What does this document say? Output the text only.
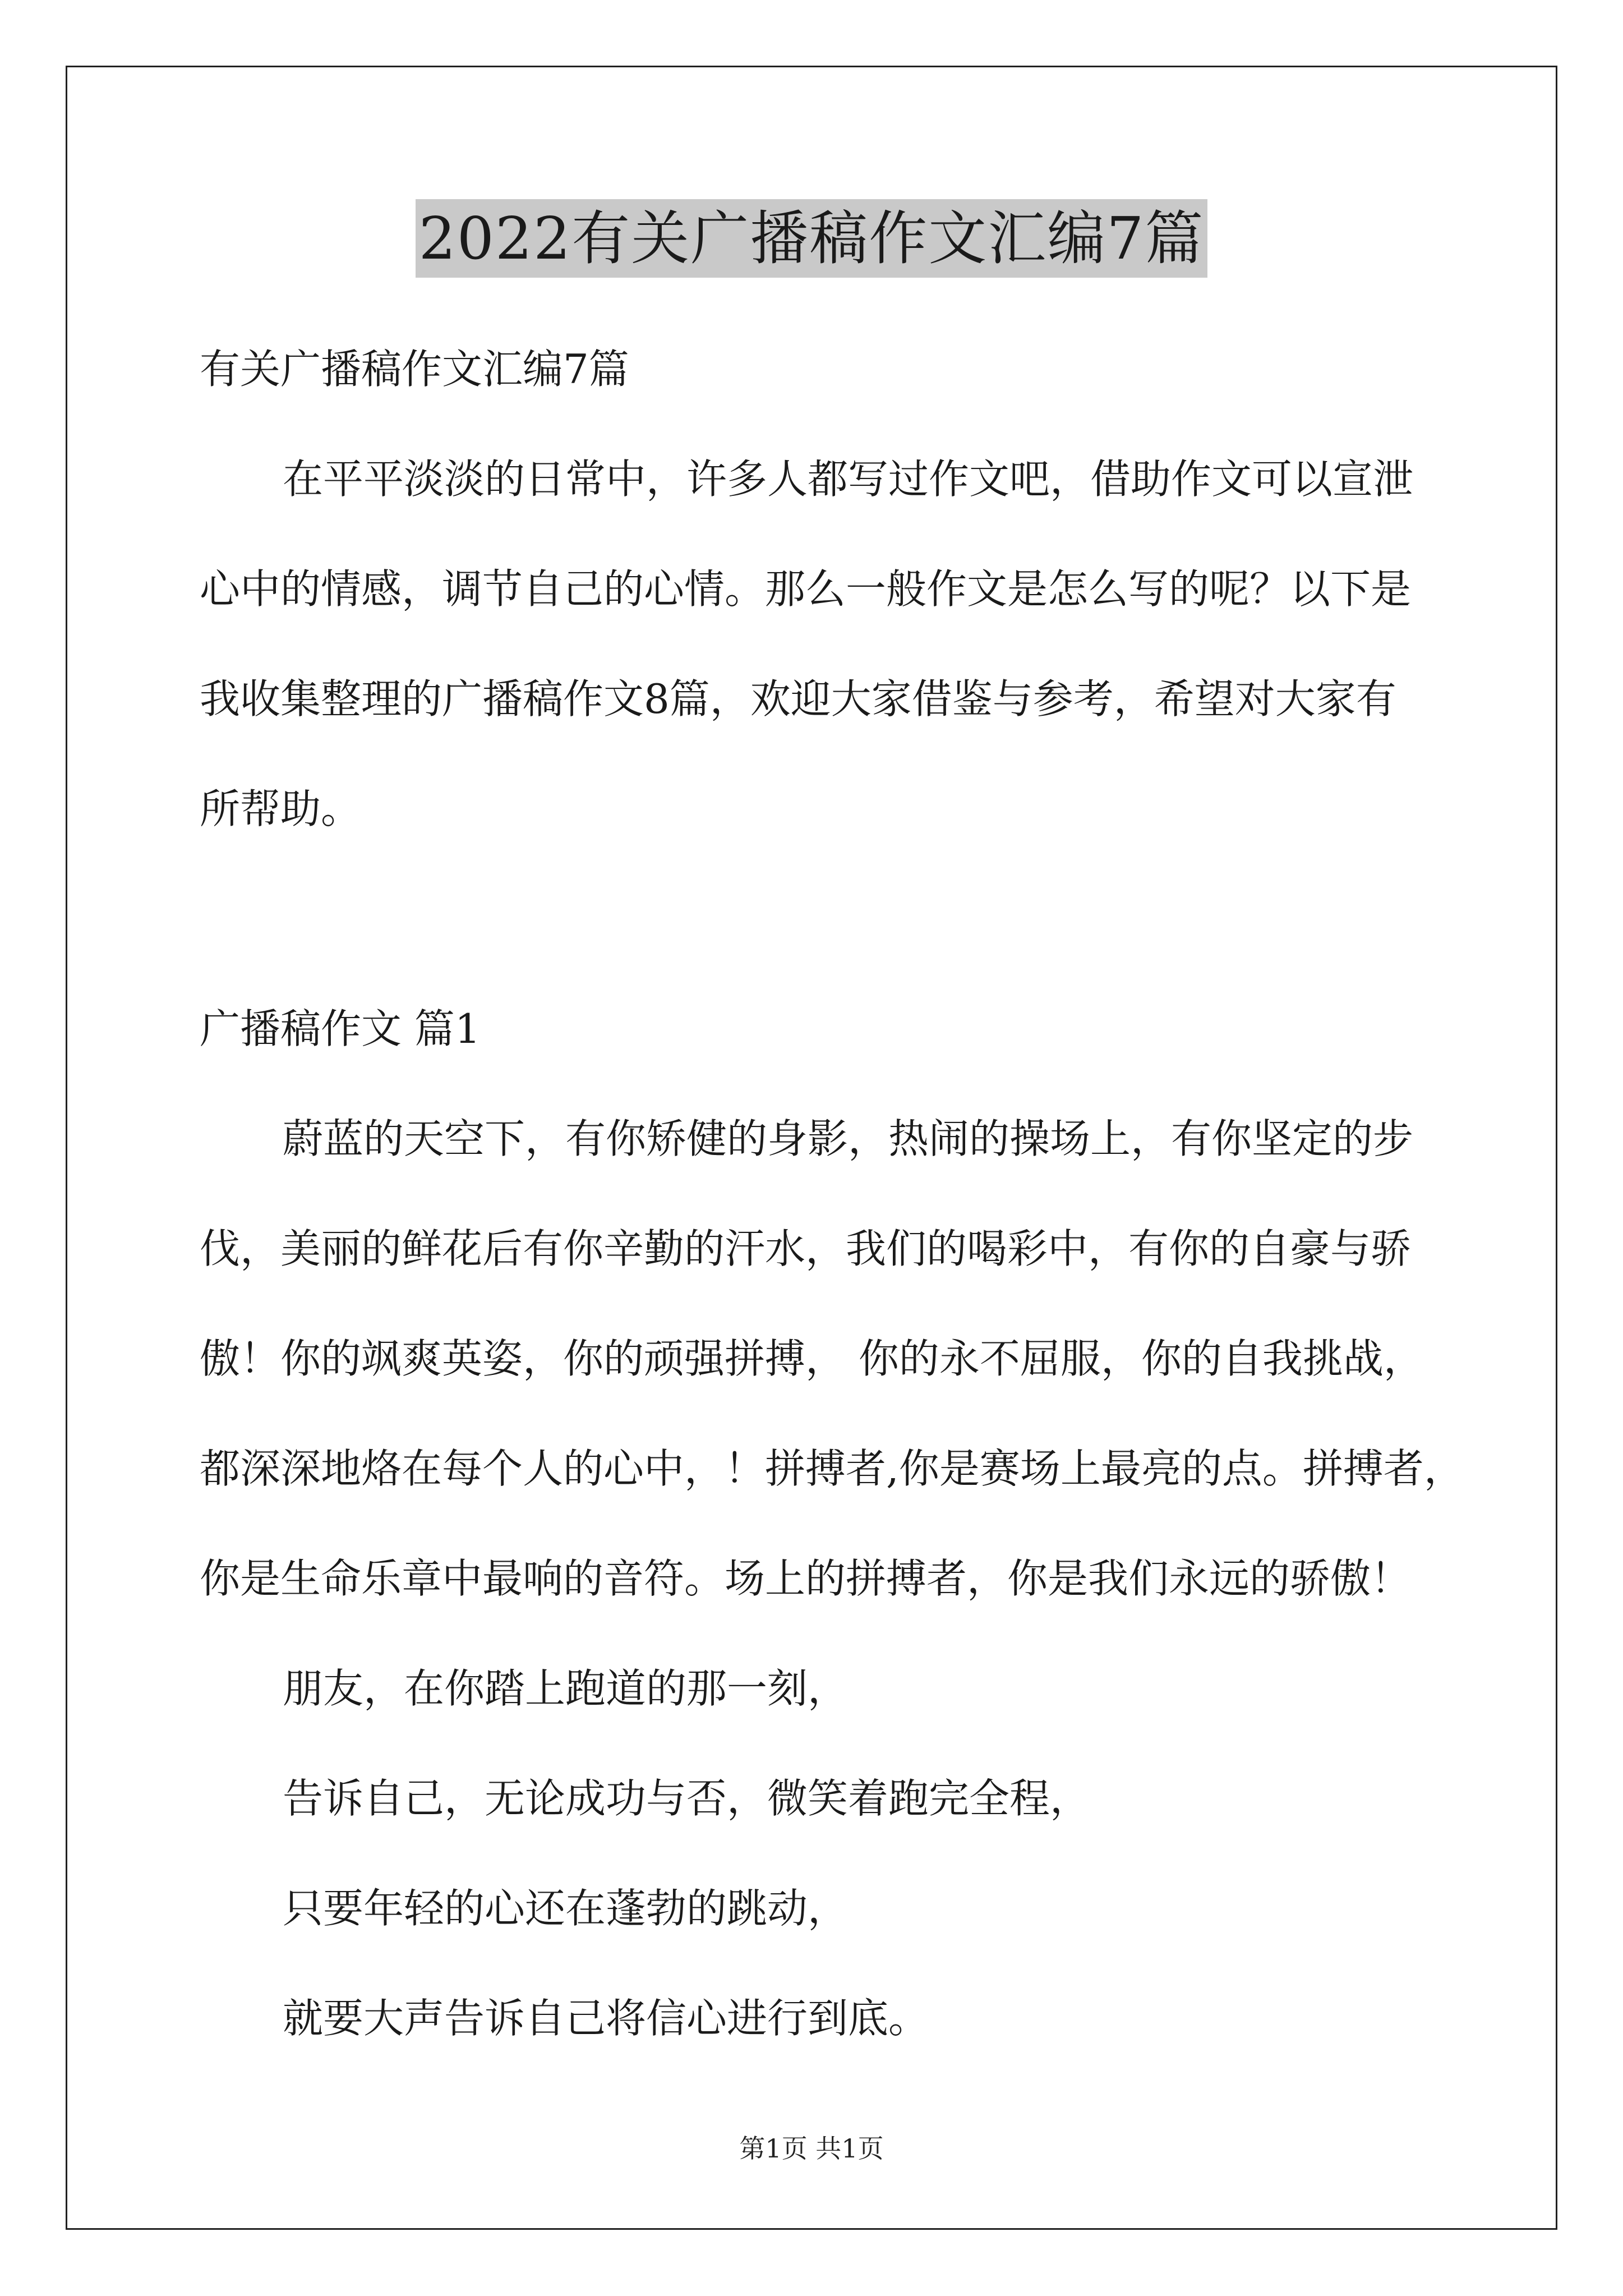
2022有关广播稿作文汇编7篇
有关广播稿作文汇编7篇
在平平淡淡的日常中，许多人都写过作文吧，借助作文可以宣泄
心中的情感，调节自己的心情。那么一般作文是怎么写的呢？以下是
我收集整理的广播稿作文8篇，欢迎大家借鉴与参考，希望对大家有
所帮助。
广播稿作文 篇1
蔚蓝的天空下，有你矫健的身影，热闹的操场上，有你坚定的步
伐，美丽的鲜花后有你辛勤的汗水，我们的喝彩中，有你的自豪与骄
傲！你的飒爽英姿，你的顽强拼搏， 你的永不屈服，你的自我挑战，
都深深地烙在每个人的心中，！拼搏者,你是赛场上最亮的点。拼搏者，
你是生命乐章中最响的音符。场上的拼搏者，你是我们永远的骄傲！
朋友，在你踏上跑道的那一刻，
告诉自己，无论成功与否，微笑着跑完全程，
只要年轻的心还在蓬勃的跳动，
就要大声告诉自己将信心进行到底。
第1页 共1页
